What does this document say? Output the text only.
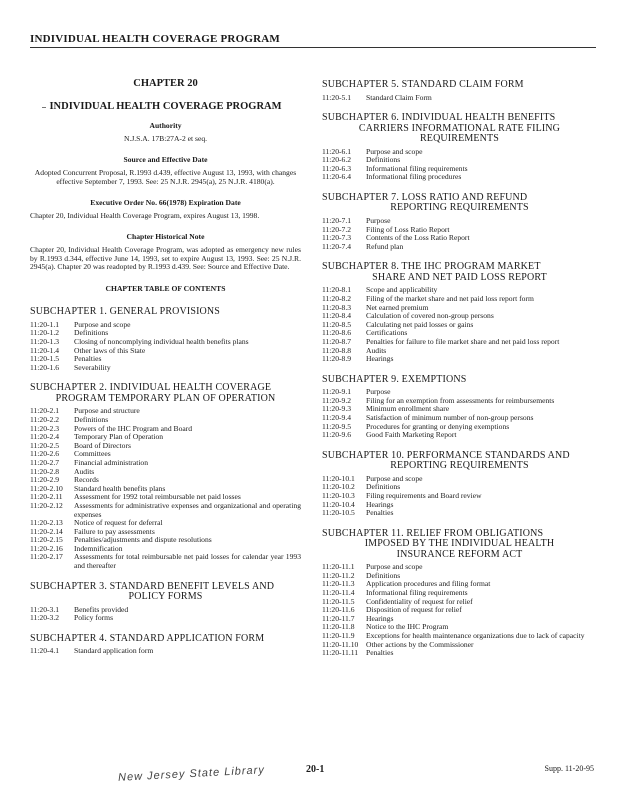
INDIVIDUAL HEALTH COVERAGE PROGRAM
CHAPTER 20
INDIVIDUAL HEALTH COVERAGE PROGRAM
Authority

N.J.S.A. 17B:27A-2 et seq.

Source and Effective Date

Adopted Concurrent Proposal, R.1993 d.439, effective August 13, 1993, with changes effective September 7, 1993. See: 25 N.J.R. 2945(a), 25 N.J.R. 4180(a).

Executive Order No. 66(1978) Expiration Date

Chapter 20, Individual Health Coverage Program, expires August 13, 1998.

Chapter Historical Note

Chapter 20, Individual Health Coverage Program, was adopted as emergency new rules by R.1993 d.344, effective June 14, 1993, set to expire August 13, 1993. See: 25 N.J.R. 2945(a). Chapter 20 was readopted by R.1993 d.439. See: Source and Effective Date.

CHAPTER TABLE OF CONTENTS
SUBCHAPTER 1. GENERAL PROVISIONS
11:20-1.1	Purpose and scope
11:20-1.2	Definitions
11:20-1.3	Closing of noncomplying individual health benefits plans
11:20-1.4	Other laws of this State
11:20-1.5	Penalties
11:20-1.6	Severability
SUBCHAPTER 2. INDIVIDUAL HEALTH COVERAGE
PROGRAM TEMPORARY PLAN OF OPERATION
11:20-2.1	Purpose and structure
11:20-2.2	Definitions
11:20-2.3	Powers of the IHC Program and Board
11:20-2.4	Temporary Plan of Operation
11:20-2.5	Board of Directors
11:20-2.6	Committees
11:20-2.7	Financial administration
11:20-2.8	Audits
11:20-2.9	Records
11:20-2.10	Standard health benefits plans
11:20-2.11	Assessment for 1992 total reimbursable net paid losses
11:20-2.12	Assessments for administrative expenses and organizational and operating expenses
11:20-2.13	Notice of request for deferral
11:20-2.14	Failure to pay assessments
11:20-2.15	Penalties/adjustments and dispute resolutions
11:20-2.16	Indemnification
11:20-2.17	Assessments for total reimbursable net paid losses for calendar year 1993 and thereafter
SUBCHAPTER 3. STANDARD BENEFIT LEVELS AND
POLICY FORMS
11:20-3.1	Benefits provided
11:20-3.2	Policy forms
SUBCHAPTER 4. STANDARD APPLICATION FORM
11:20-4.1	Standard application form
SUBCHAPTER 5. STANDARD CLAIM FORM
11:20-5.1	Standard Claim Form
SUBCHAPTER 6. INDIVIDUAL HEALTH BENEFITS
CARRIERS INFORMATIONAL RATE FILING
REQUIREMENTS
11:20-6.1	Purpose and scope
11:20-6.2	Definitions
11:20-6.3	Informational filing requirements
11:20-6.4	Informational filing procedures
SUBCHAPTER 7. LOSS RATIO AND REFUND
REPORTING REQUIREMENTS
11:20-7.1	Purpose
11:20-7.2	Filing of Loss Ratio Report
11:20-7.3	Contents of the Loss Ratio Report
11:20-7.4	Refund plan
SUBCHAPTER 8. THE IHC PROGRAM MARKET
SHARE AND NET PAID LOSS REPORT
11:20-8.1	Scope and applicability
11:20-8.2	Filing of the market share and net paid loss report form
11:20-8.3	Net earned premium
11:20-8.4	Calculation of covered non-group persons
11:20-8.5	Calculating net paid losses or gains
11:20-8.6	Certifications
11:20-8.7	Penalties for failure to file market share and net paid loss report
11:20-8.8	Audits
11:20-8.9	Hearings
SUBCHAPTER 9. EXEMPTIONS
11:20-9.1	Purpose
11:20-9.2	Filing for an exemption from assessments for reimbursements
11:20-9.3	Minimum enrollment share
11:20-9.4	Satisfaction of minimum number of non-group persons
11:20-9.5	Procedures for granting or denying exemptions
11:20-9.6	Good Faith Marketing Report
SUBCHAPTER 10. PERFORMANCE STANDARDS AND
REPORTING REQUIREMENTS
11:20-10.1	Purpose and scope
11:20-10.2	Definitions
11:20-10.3	Filing requirements and Board review
11:20-10.4	Hearings
11:20-10.5	Penalties
SUBCHAPTER 11. RELIEF FROM OBLIGATIONS
IMPOSED BY THE INDIVIDUAL HEALTH
INSURANCE REFORM ACT
11:20-11.1	Purpose and scope
11:20-11.2	Definitions
11:20-11.3	Application procedures and filing format
11:20-11.4	Informational filing requirements
11:20-11.5	Confidentiality of request for relief
11:20-11.6	Disposition of request for relief
11:20-11.7	Hearings
11:20-11.8	Notice to the IHC Program
11:20-11.9	Exceptions for health maintenance organizations due to lack of capacity
11:20-11.10	Other actions by the Commissioner
11:20-11.11	Penalties
New Jersey State Library	20-1	Supp. 11-20-95
